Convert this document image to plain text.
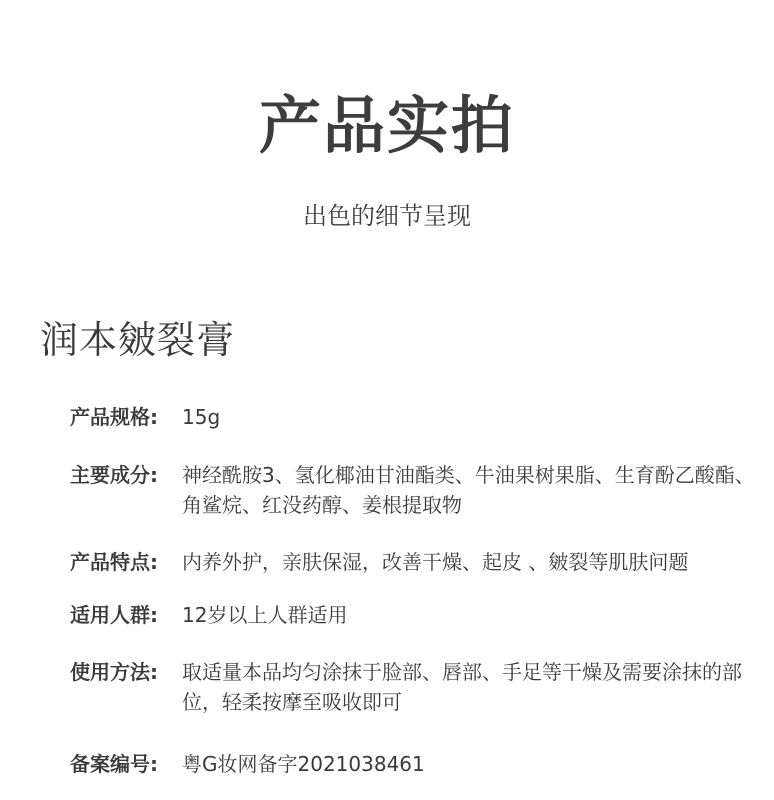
产品实拍
出色的细节呈现
润本皴裂膏
产品规格:	15g
主要成分:	神经酰胺3、氢化椰油甘油酯类、牛油果树果脂、生育酚乙酸酯、角鲨烷、红没药醇、姜根提取物
产品特点:	内养外护，亲肤保湿，改善干燥、起皮 、皴裂等肌肤问题
适用人群:	12岁以上人群适用
使用方法:	取适量本品均匀涂抹于脸部、唇部、手足等干燥及需要涂抹的部位，轻柔按摩至吸收即可
备案编号:	粤G妆网备字2021038461
